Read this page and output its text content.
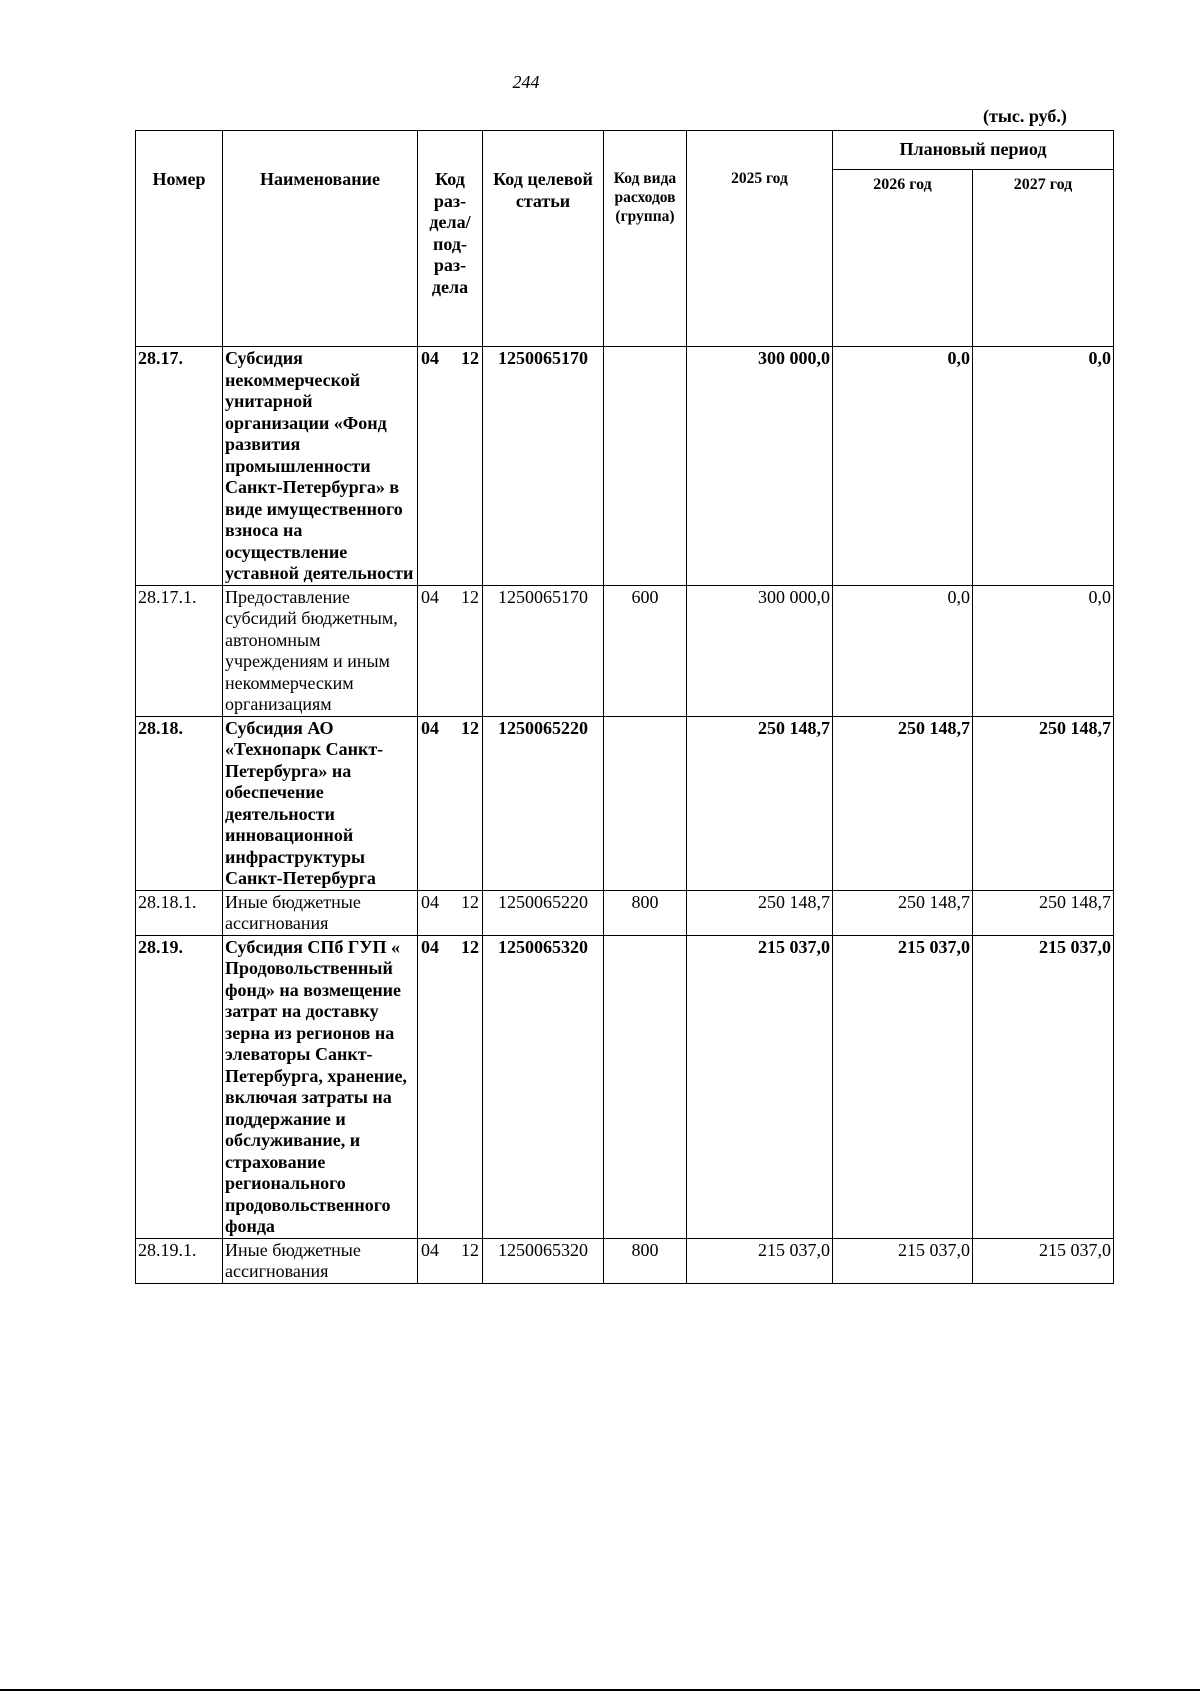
244
(тыс. руб.)
Номер	Наименование	Код раз-дела/ под-раз-дела	Код целевой статьи	Код вида расходов (группа)	2025 год	Плановый период	
						2026 год	2027 год
28.17.	Субсидия некоммерческой унитарной организации «Фонд развития промышленности Санкт-Петербурга» в виде имущественного взноса на осуществление уставной деятельности	04 12	1250065170		300 000,0	0,0	0,0
28.17.1.	Предоставление субсидий бюджетным, автономным учреждениям и иным некоммерческим организациям	04 12	1250065170	600	300 000,0	0,0	0,0
28.18.	Субсидия АО «Технопарк Санкт-Петербурга» на обеспечение деятельности инновационной инфраструктуры Санкт-Петербурга	04 12	1250065220		250 148,7	250 148,7	250 148,7
28.18.1.	Иные бюджетные ассигнования	04 12	1250065220	800	250 148,7	250 148,7	250 148,7
28.19.	Субсидия СПб ГУП « Продовольственный фонд» на возмещение затрат на доставку зерна из регионов на элеваторы Санкт-Петербурга, хранение, включая затраты на поддержание и обслуживание, и страхование регионального продовольственного фонда	04 12	1250065320		215 037,0	215 037,0	215 037,0
28.19.1.	Иные бюджетные ассигнования	04 12	1250065320	800	215 037,0	215 037,0	215 037,0
